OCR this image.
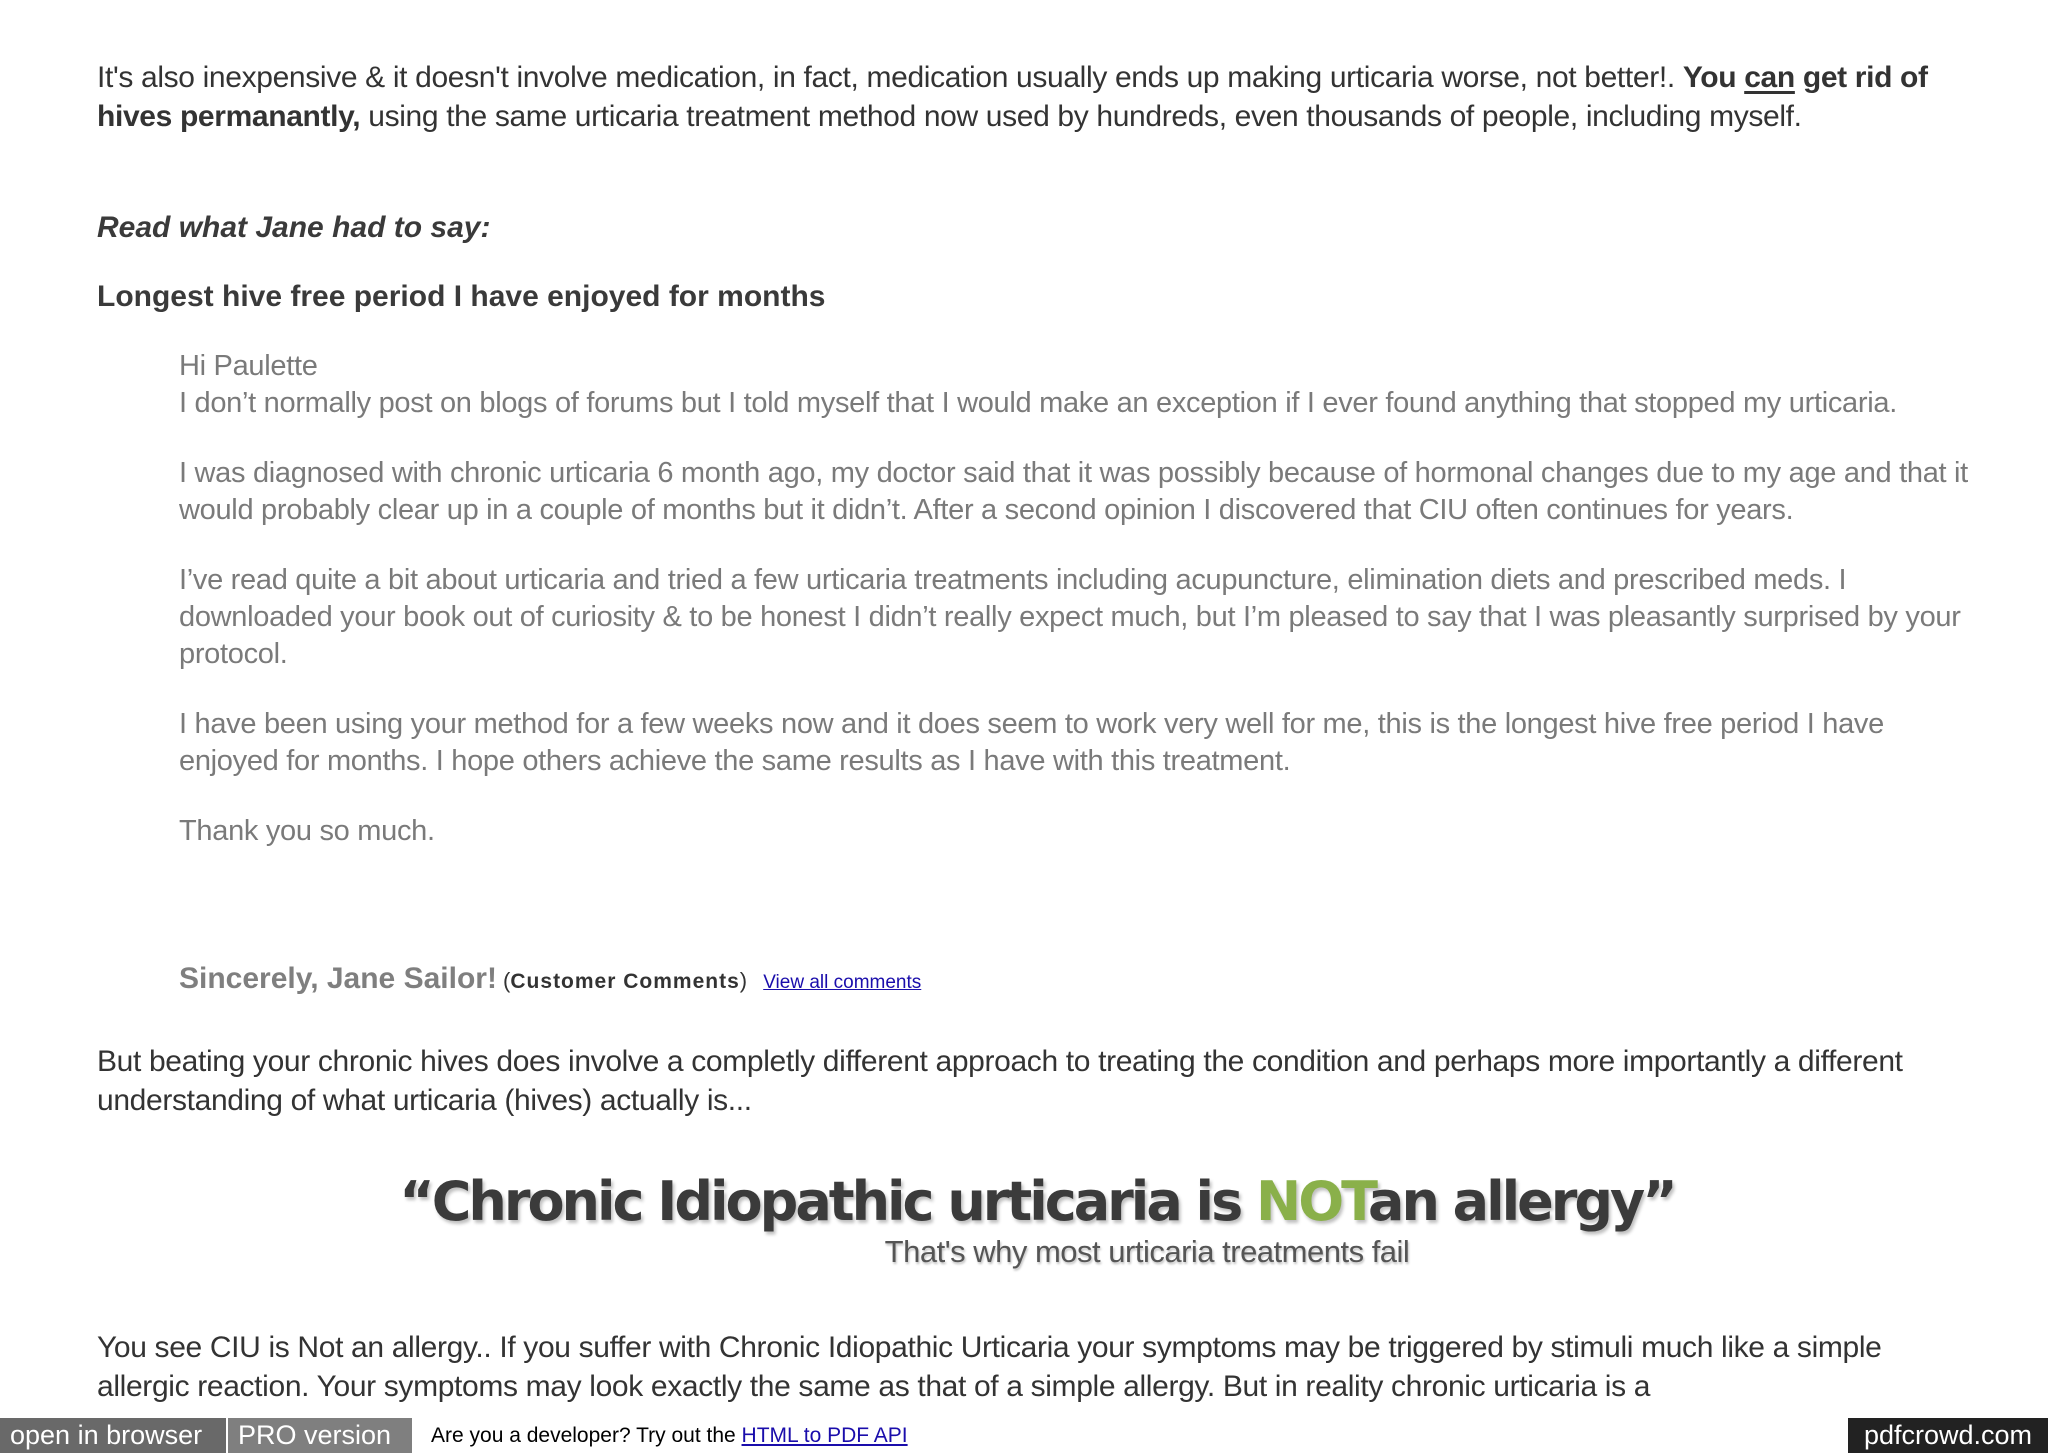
It's also inexpensive & it doesn't involve medication, in fact, medication usually ends up making urticaria worse, not better!. You can get rid of hives permanantly, using the same urticaria treatment method now used by hundreds, even thousands of people, including myself.

Read what Jane had to say:

Longest hive free period I have enjoyed for months

Hi Paulette
I don’t normally post on blogs of forums but I told myself that I would make an exception if I ever found anything that stopped my urticaria.
I was diagnosed with chronic urticaria 6 month ago, my doctor said that it was possibly because of hormonal changes due to my age and that it would probably clear up in a couple of months but it didn’t. After a second opinion I discovered that CIU often continues for years.
I’ve read quite a bit about urticaria and tried a few urticaria treatments including acupuncture, elimination diets and prescribed meds. I downloaded your book out of curiosity & to be honest I didn’t really expect much, but I’m pleased to say that I was pleasantly surprised by your protocol.
I have been using your method for a few weeks now and it does seem to work very well for me, this is the longest hive free period I have enjoyed for months. I hope others achieve the same results as I have with this treatment.
Thank you so much.
Sincerely, Jane Sailor! (Customer Comments) View all comments

But beating your chronic hives does involve a completly different approach to treating the condition and perhaps more importantly a different understanding of what urticaria (hives) actually is...

“Chronic Idiopathic urticaria is NOTan allergy”
That's why most urticaria treatments fail

You see CIU is Not an allergy.. If you suffer with Chronic Idiopathic Urticaria your symptoms may be triggered by stimuli much like a simple allergic reaction. Your symptoms may look exactly the same as that of a simple allergy. But in reality chronic urticaria is a

open in browser	PRO version	Are you a developer? Try out the HTML to PDF API	pdfcrowd.com
